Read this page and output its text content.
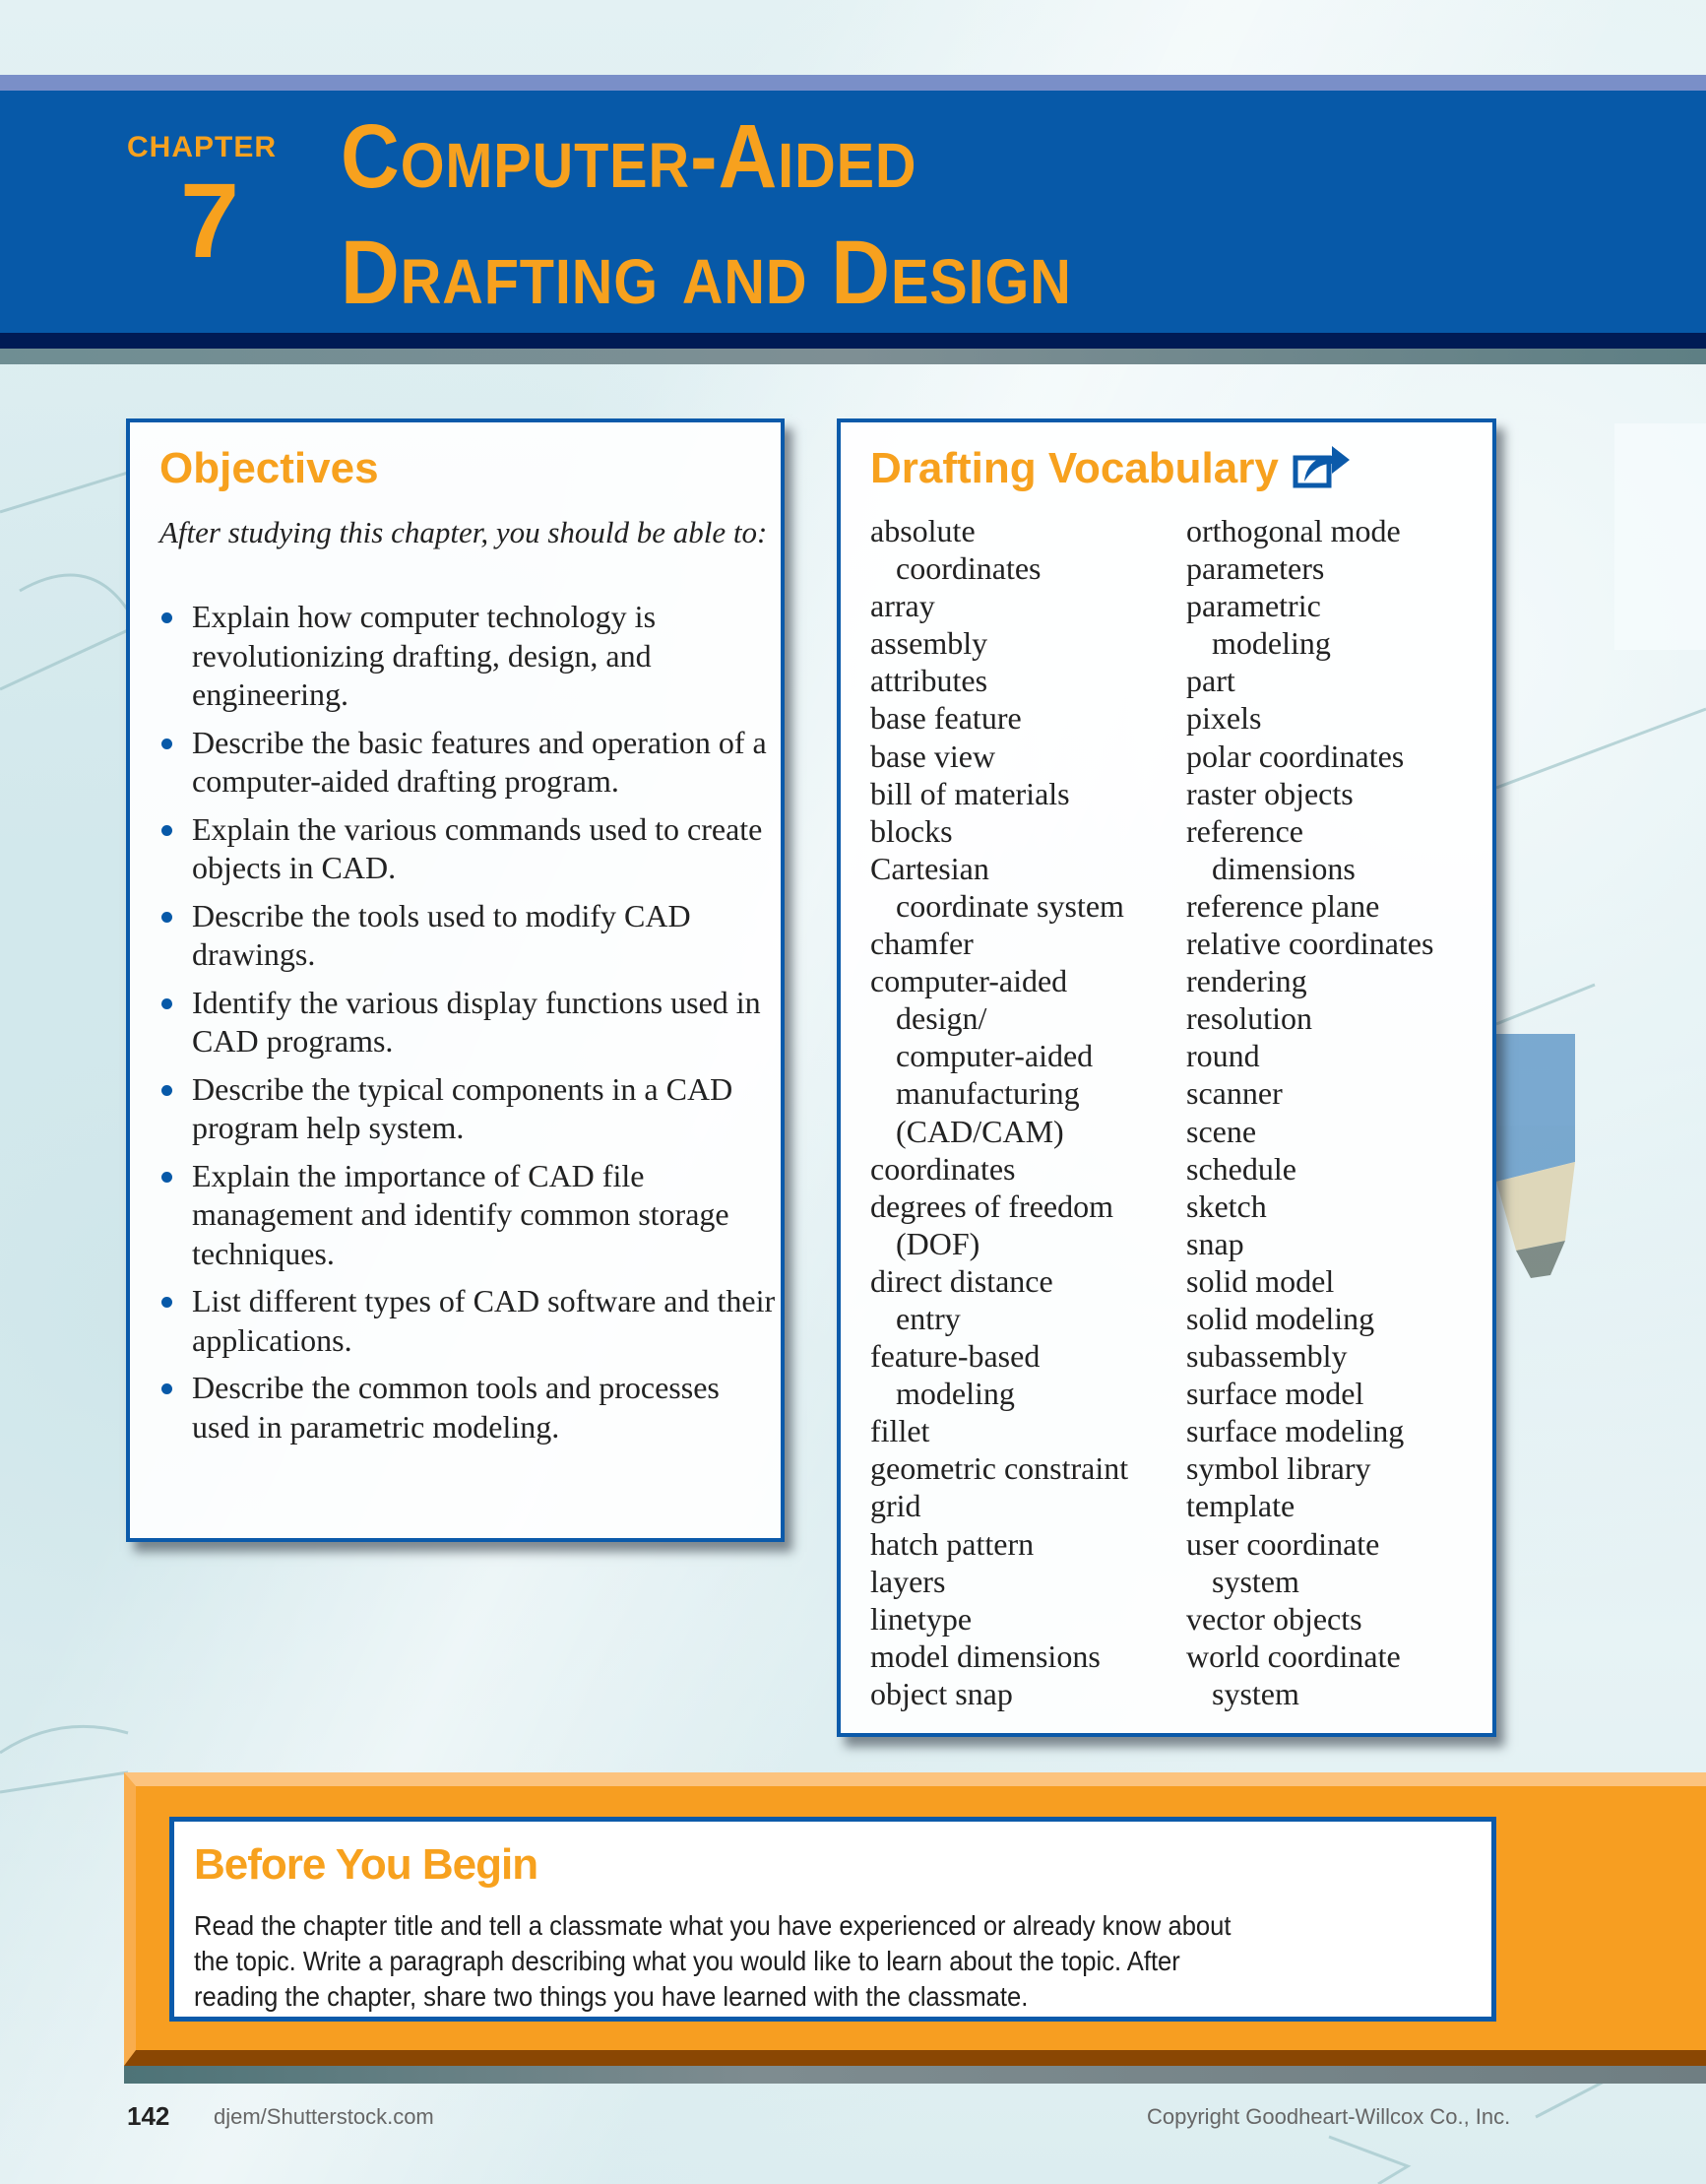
CHAPTER
7
Computer-Aided
Drafting and Design
Objectives

After studying this chapter, you should be able to:

Explain how computer technology is revolutionizing drafting, design, and engineering.
Describe the basic features and operation of a computer-aided drafting program.
Explain the various commands used to create objects in CAD.
Describe the tools used to modify CAD drawings.
Identify the various display functions used in CAD programs.
Describe the typical components in a CAD program help system.
Explain the importance of CAD file management and identify common storage techniques.
List different types of CAD software and their applications.
Describe the common tools and processes used in parametric modeling.
Drafting Vocabulary
absolute
coordinates
array
assembly
attributes
base feature
base view
bill of materials
blocks
Cartesian
coordinate system
chamfer
computer-aided
design/
computer-aided
manufacturing
(CAD/CAM)
coordinates
degrees of freedom
(DOF)
direct distance
entry
feature-based
modeling
fillet
geometric constraint
grid
hatch pattern
layers
linetype
model dimensions
object snap
orthogonal mode
parameters
parametric
modeling
part
pixels
polar coordinates
raster objects
reference
dimensions
reference plane
relative coordinates
rendering
resolution
round
scanner
scene
schedule
sketch
snap
solid model
solid modeling
subassembly
surface model
surface modeling
symbol library
template
user coordinate
system
vector objects
world coordinate
system
Before You Begin
Read the chapter title and tell a classmate what you have experienced or already know about
the topic. Write a paragraph describing what you would like to learn about the topic. After
reading the chapter, share two things you have learned with the classmate.
142 djem/Shutterstock.com	Copyright Goodheart-Willcox Co., Inc.
